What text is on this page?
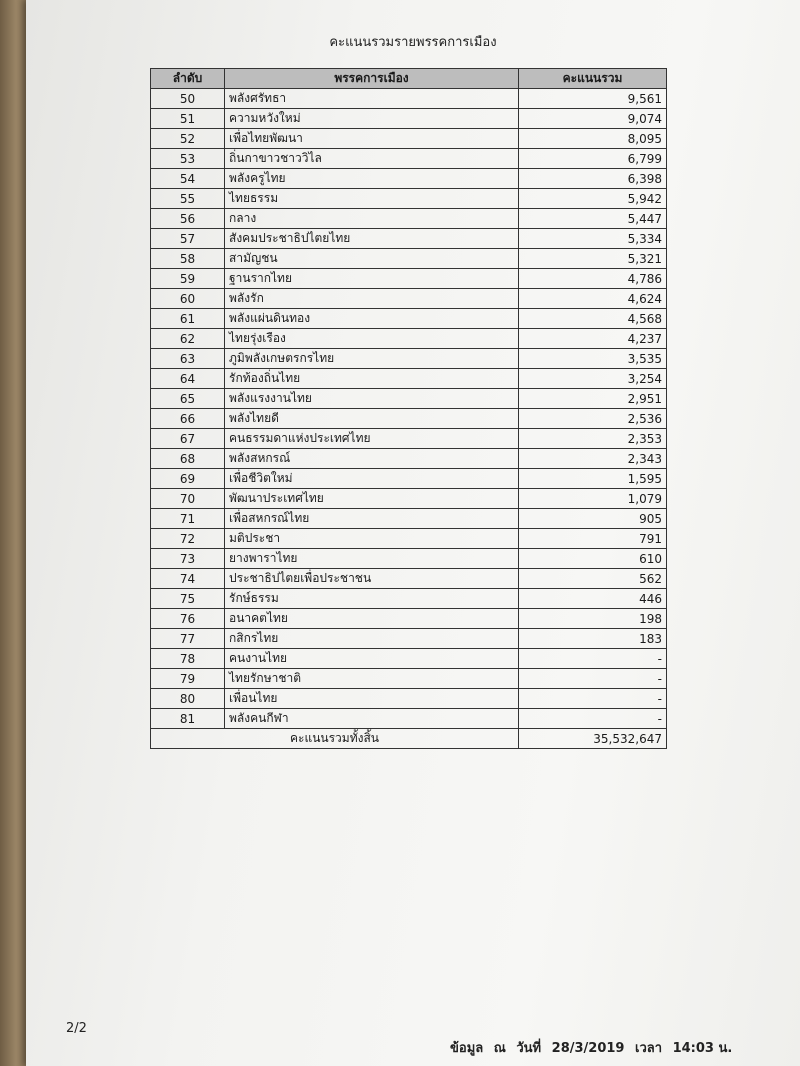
คะแนนรวมรายพรรคการเมือง
ลำดับ	พรรคการเมือง	คะแนนรวม
50	พลังศรัทธา	9,561
51	ความหวังใหม่	9,074
52	เพื่อไทยพัฒนา	8,095
53	ถิ่นกาขาวชาววิไล	6,799
54	พลังครูไทย	6,398
55	ไทยธรรม	5,942
56	กลาง	5,447
57	สังคมประชาธิปไตยไทย	5,334
58	สามัญชน	5,321
59	ฐานรากไทย	4,786
60	พลังรัก	4,624
61	พลังแผ่นดินทอง	4,568
62	ไทยรุ่งเรือง	4,237
63	ภูมิพลังเกษตรกรไทย	3,535
64	รักท้องถิ่นไทย	3,254
65	พลังแรงงานไทย	2,951
66	พลังไทยดี	2,536
67	คนธรรมดาแห่งประเทศไทย	2,353
68	พลังสหกรณ์	2,343
69	เพื่อชีวิตใหม่	1,595
70	พัฒนาประเทศไทย	1,079
71	เพื่อสหกรณ์ไทย	905
72	มติประชา	791
73	ยางพาราไทย	610
74	ประชาธิปไตยเพื่อประชาชน	562
75	รักษ์ธรรม	446
76	อนาคตไทย	198
77	กสิกรไทย	183
78	คนงานไทย	-
79	ไทยรักษาชาติ	-
80	เพื่อนไทย	-
81	พลังคนกีฬา	-
คะแนนรวมทั้งสิ้น		35,532,647
2/2
ข้อมูล ณ วันที่ 28/3/2019 เวลา 14:03 น.
